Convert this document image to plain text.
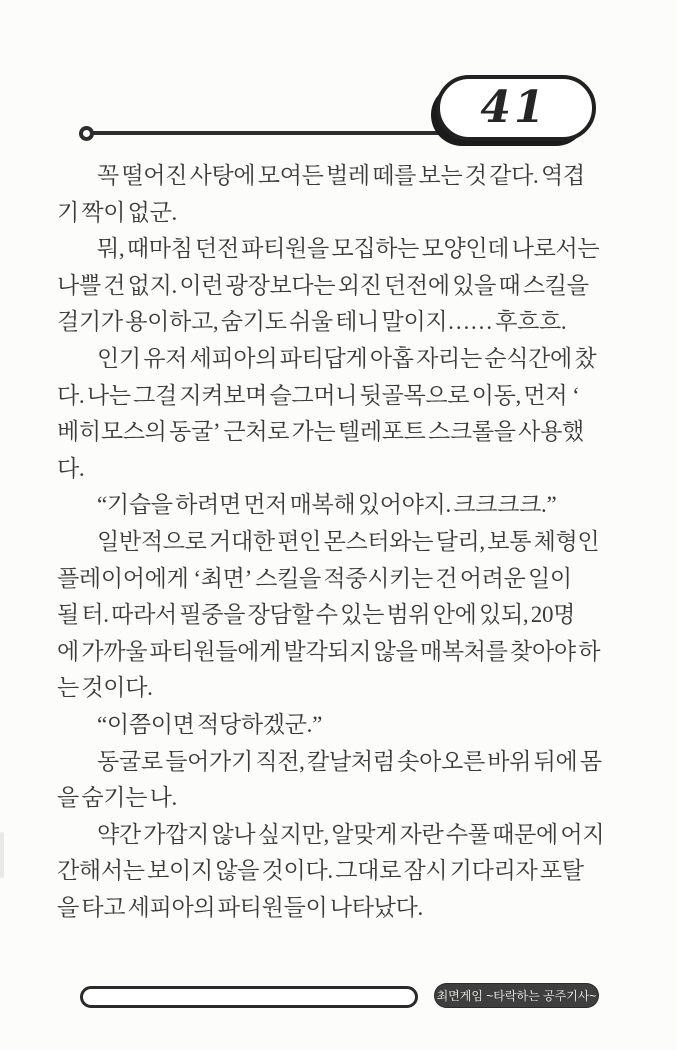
41
꼭 떨어진 사탕에 모여든 벌레 떼를 보는 것 같다. 역겹
기 짝이 없군.
뭐, 때마침 던전 파티원을 모집하는 모양인데 나로서는
나쁠 건 없지. 이런 광장보다는 외진 던전에 있을 때 스킬을
걸기가 용이하고, 숨기도 쉬울 테니 말이지…… 후흐흐.
인기 유저 세피아의 파티답게 아홉 자리는 순식간에 찼
다. 나는 그걸 지켜보며 슬그머니 뒷골목으로 이동, 먼저  ‘
베히모스의 동굴’  근처로 가는 텔레포트 스크롤을 사용했
다.
“기습을 하려면 먼저 매복해 있어야지. 크크크크.”
일반적으로 거대한 편인 몬스터와는 달리, 보통 체형인
플레이어에게  ‘최면’  스킬을 적중시키는 건 어려운 일이
될 터. 따라서 필중을 장담할 수 있는 범위 안에 있되, 20명
에 가까울 파티원들에게 발각되지 않을 매복처를 찾아야 하
는 것이다.
“이쯤이면 적당하겠군.”
동굴로 들어가기 직전, 칼날처럼 솟아오른 바위 뒤에 몸
을 숨기는 나.
약간 가깝지 않나 싶지만, 알맞게 자란 수풀 때문에 어지
간해서는 보이지 않을 것이다. 그대로 잠시 기다리자 포탈
을 타고 세피아의 파티원들이 나타났다.
최면게임 ~타락하는 공주기사~
